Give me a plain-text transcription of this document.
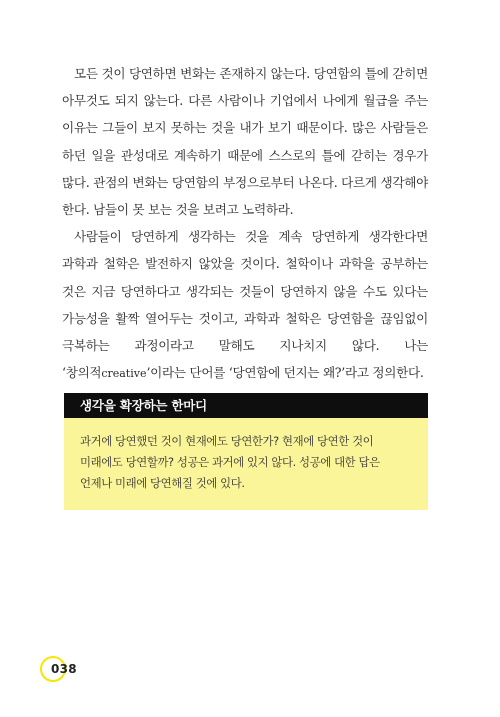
모든 것이 당연하면 변화는 존재하지 않는다. 당연함의 틀에 갇히면 아무것도 되지 않는다. 다른 사람이나 기업에서 나에게 월급을 주는 이유는 그들이 보지 못하는 것을 내가 보기 때문이다. 많은 사람들은 하던 일을 관성대로 계속하기 때문에 스스로의 틀에 갇히는 경우가 많다. 관점의 변화는 당연함의 부정으로부터 나온다. 다르게 생각해야 한다. 남들이 못 보는 것을 보려고 노력하라.

사람들이 당연하게 생각하는 것을 계속 당연하게 생각한다면 과학과 철학은 발전하지 않았을 것이다. 철학이나 과학을 공부하는 것은 지금 당연하다고 생각되는 것들이 당연하지 않을 수도 있다는 가능성을 활짝 열어두는 것이고, 과학과 철학은 당연함을 끊임없이 극복하는 과정이라고 말해도 지나치지 않다. 나는 ‘창의적creative’이라는 단어를 ‘당연함에 던지는 왜?’라고 정의한다.

생각을 확장하는 한마디

과거에 당연했던 것이 현재에도 당연한가? 현재에 당연한 것이 미래에도 당연할까? 성공은 과거에 있지 않다. 성공에 대한 답은 언제나 미래에 당연해질 것에 있다.

038
